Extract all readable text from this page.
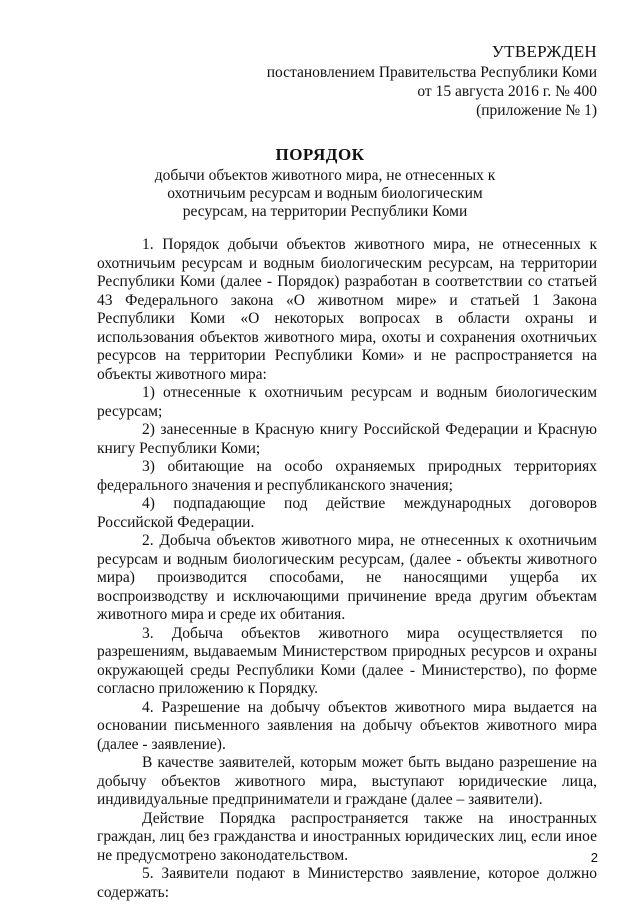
УТВЕРЖДЕН
постановлением Правительства Республики Коми
от 15 августа 2016 г. № 400
(приложение № 1)
ПОРЯДОК
добычи объектов животного мира, не отнесенных к охотничьим ресурсам и водным биологическим ресурсам, на территории Республики Коми

1. Порядок добычи объектов животного мира, не отнесенных к охотничьим ресурсам и водным биологическим ресурсам, на территории Республики Коми (далее - Порядок) разработан в соответствии со статьей 43 Федерального закона «О животном мире» и статьей 1 Закона Республики Коми «О некоторых вопросах в области охраны и использования объектов животного мира, охоты и сохранения охотничьих ресурсов на территории Республики Коми» и не распространяется на объекты животного мира:

1) отнесенные к охотничьим ресурсам и водным биологическим ресурсам;

2) занесенные в Красную книгу Российской Федерации и Красную книгу Республики Коми;

3) обитающие на особо охраняемых природных территориях федерального значения и республиканского значения;

4) подпадающие под действие международных договоров Российской Федерации.

2. Добыча объектов животного мира, не отнесенных к охотничьим ресурсам и водным биологическим ресурсам, (далее - объекты животного мира) производится способами, не наносящими ущерба их воспроизводству и исключающими причинение вреда другим объектам животного мира и среде их обитания.

3. Добыча объектов животного мира осуществляется по разрешениям, выдаваемым Министерством природных ресурсов и охраны окружающей среды Республики Коми (далее - Министерство), по форме согласно приложению к Порядку.

4. Разрешение на добычу объектов животного мира выдается на основании письменного заявления на добычу объектов животного мира (далее - заявление).

В качестве заявителей, которым может быть выдано разрешение на добычу объектов животного мира, выступают юридические лица, индивидуальные предприниматели и граждане (далее – заявители).

Действие Порядка распространяется также на иностранных граждан, лиц без гражданства и иностранных юридических лиц, если иное не предусмотрено законодательством.

5. Заявители подают в Министерство заявление, которое должно содержать:

2
